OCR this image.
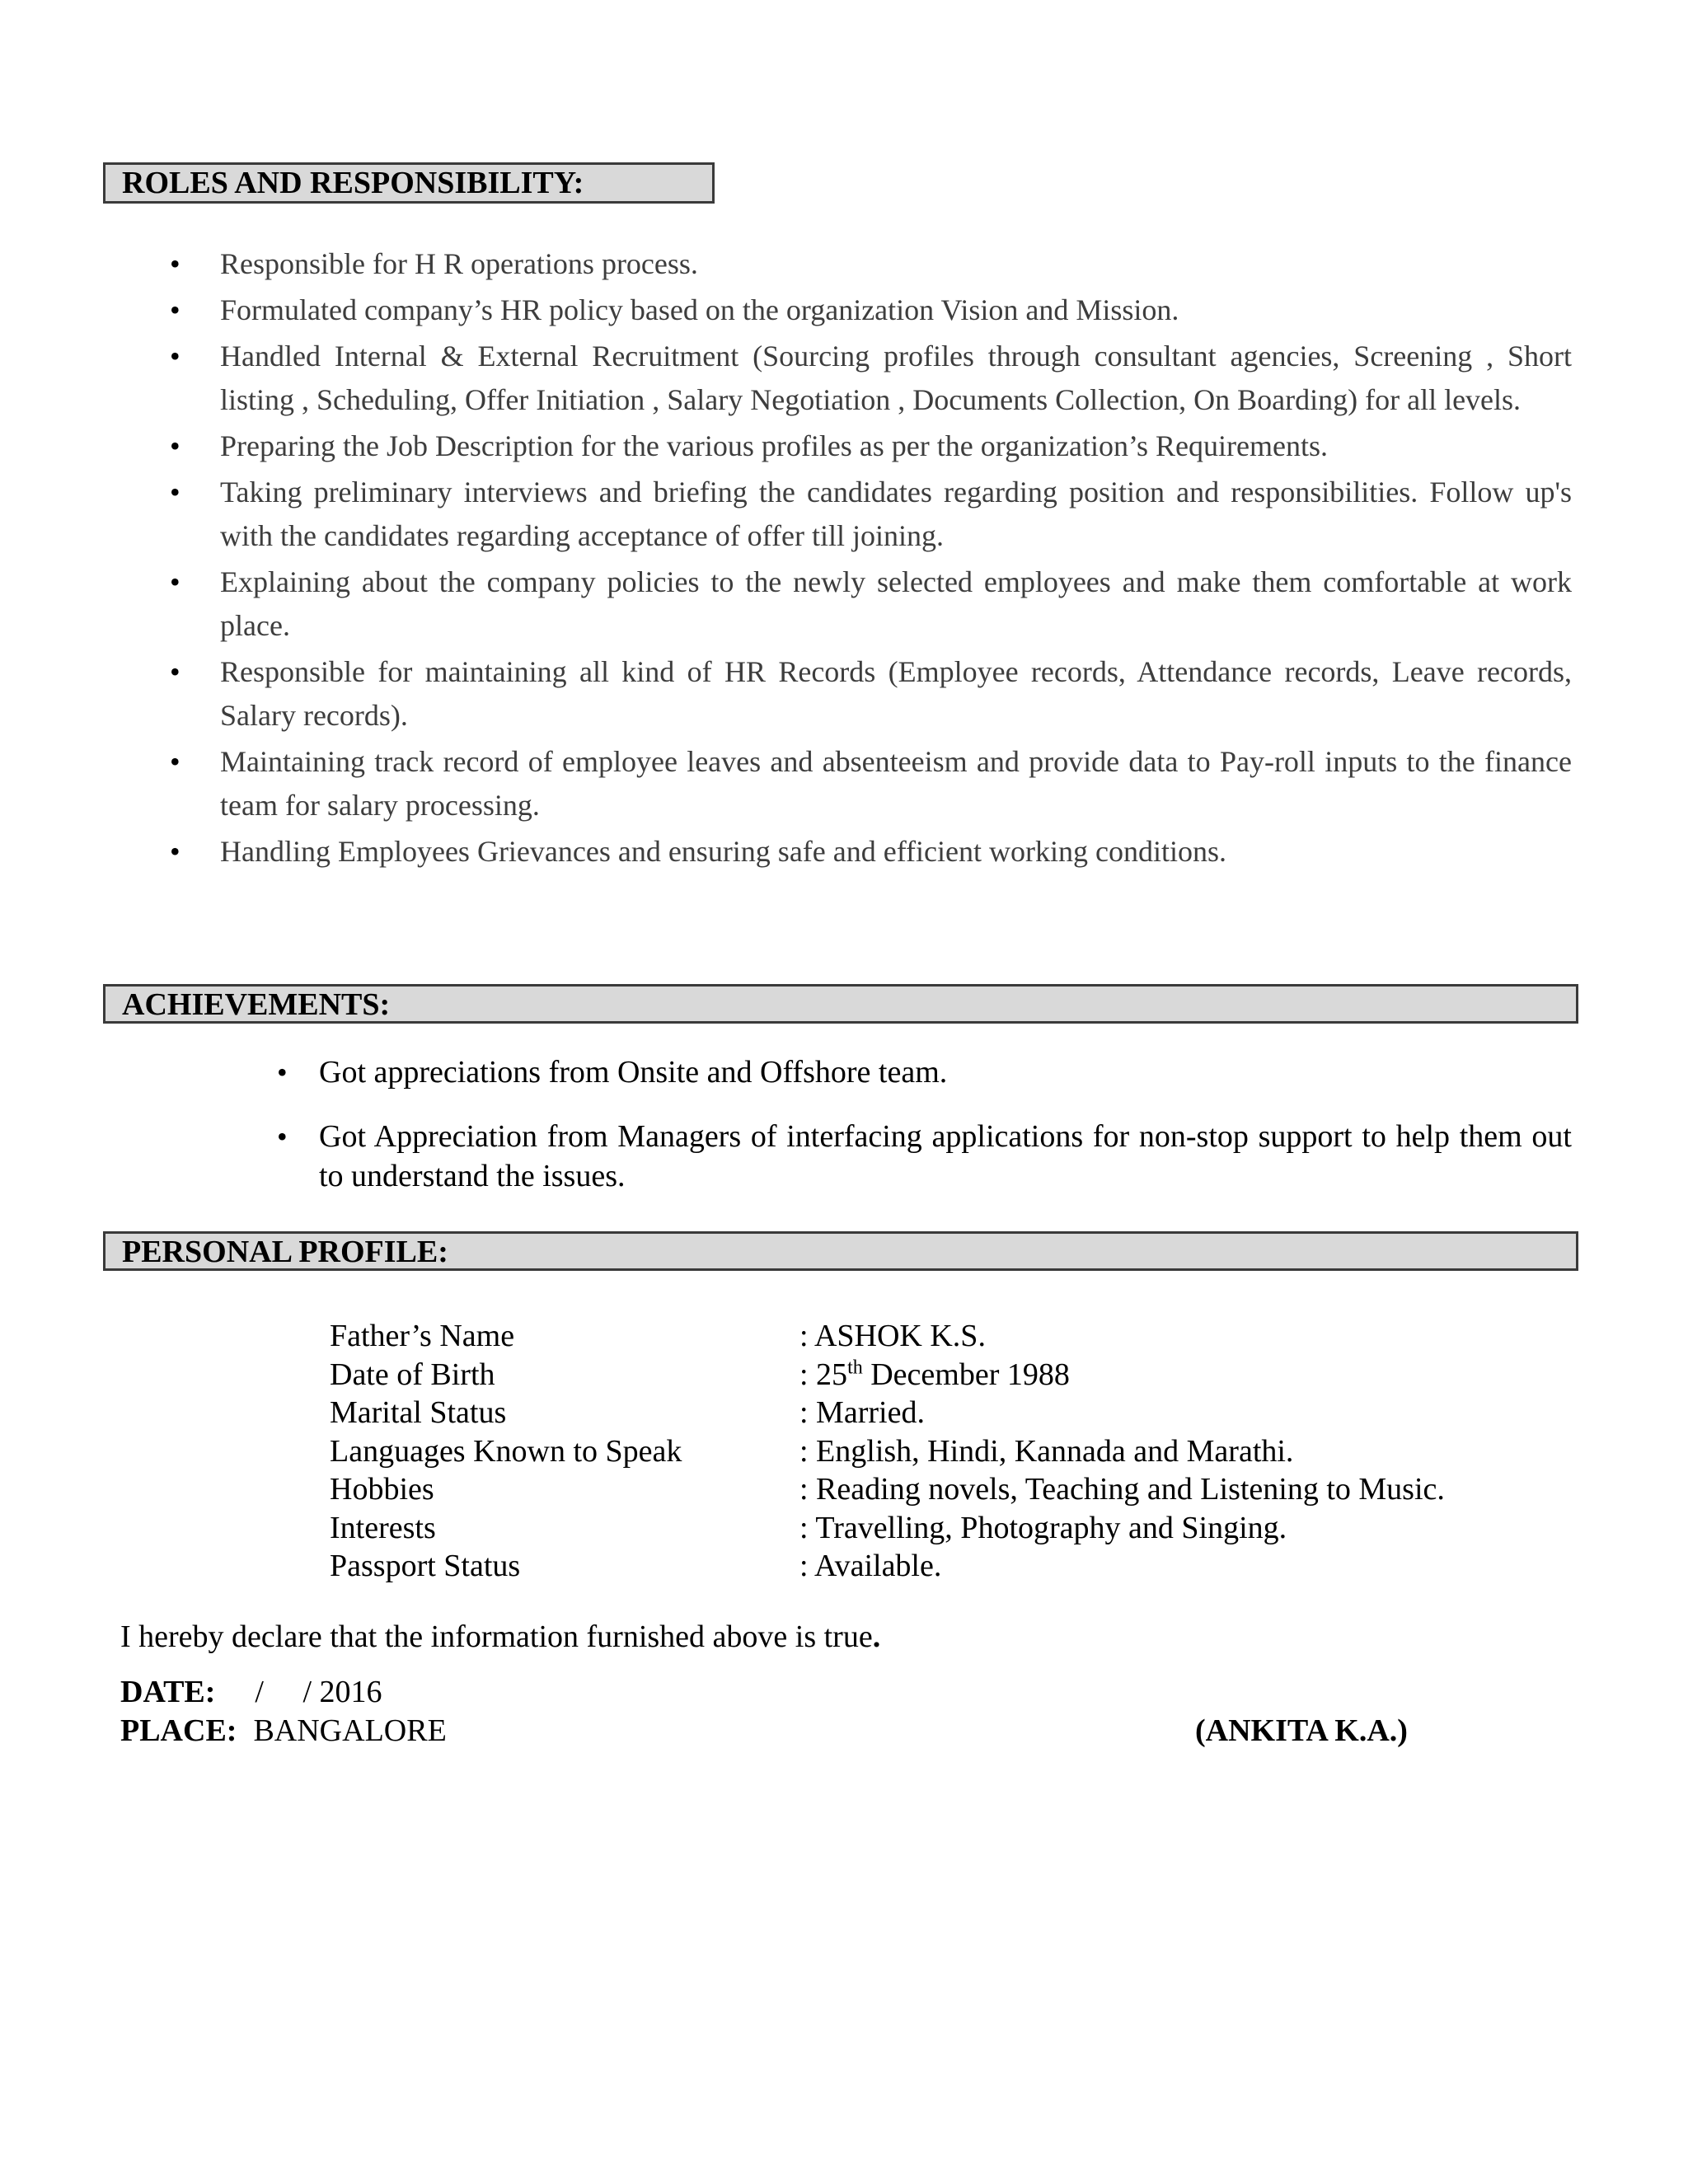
ROLES AND RESPONSIBILITY:
• Responsible for H R operations process.
• Formulated company’s HR policy based on the organization Vision and Mission.
• Handled Internal & External Recruitment (Sourcing profiles through consultant agencies, Screening , Short listing , Scheduling, Offer Initiation , Salary Negotiation , Documents Collection, On Boarding) for all levels.
• Preparing the Job Description for the various profiles as per the organization’s Requirements.
• Taking preliminary interviews and briefing the candidates regarding position and responsibilities. Follow up's with the candidates regarding acceptance of offer till joining.
• Explaining about the company policies to the newly selected employees and make them comfortable at work place.
• Responsible for maintaining all kind of HR Records (Employee records, Attendance records, Leave records, Salary records).
• Maintaining track record of employee leaves and absenteeism and provide data to Pay-roll inputs to the finance team for salary processing.
• Handling Employees Grievances and ensuring safe and efficient working conditions.
ACHIEVEMENTS:
• Got appreciations from Onsite and Offshore team.
• Got Appreciation from Managers of interfacing applications for non-stop support to help them out to understand the issues.
PERSONAL PROFILE:
Father’s Name	: ASHOK K.S.
Date of Birth	: 25th December 1988
Marital Status	: Married.
Languages Known to Speak	: English, Hindi, Kannada and Marathi.
Hobbies	: Reading novels, Teaching and Listening to Music.
Interests	: Travelling, Photography and Singing.
Passport Status	: Available.
I hereby declare that the information furnished above is true.
DATE: /     / 2016
PLACE: BANGALORE	(ANKITA K.A.)
